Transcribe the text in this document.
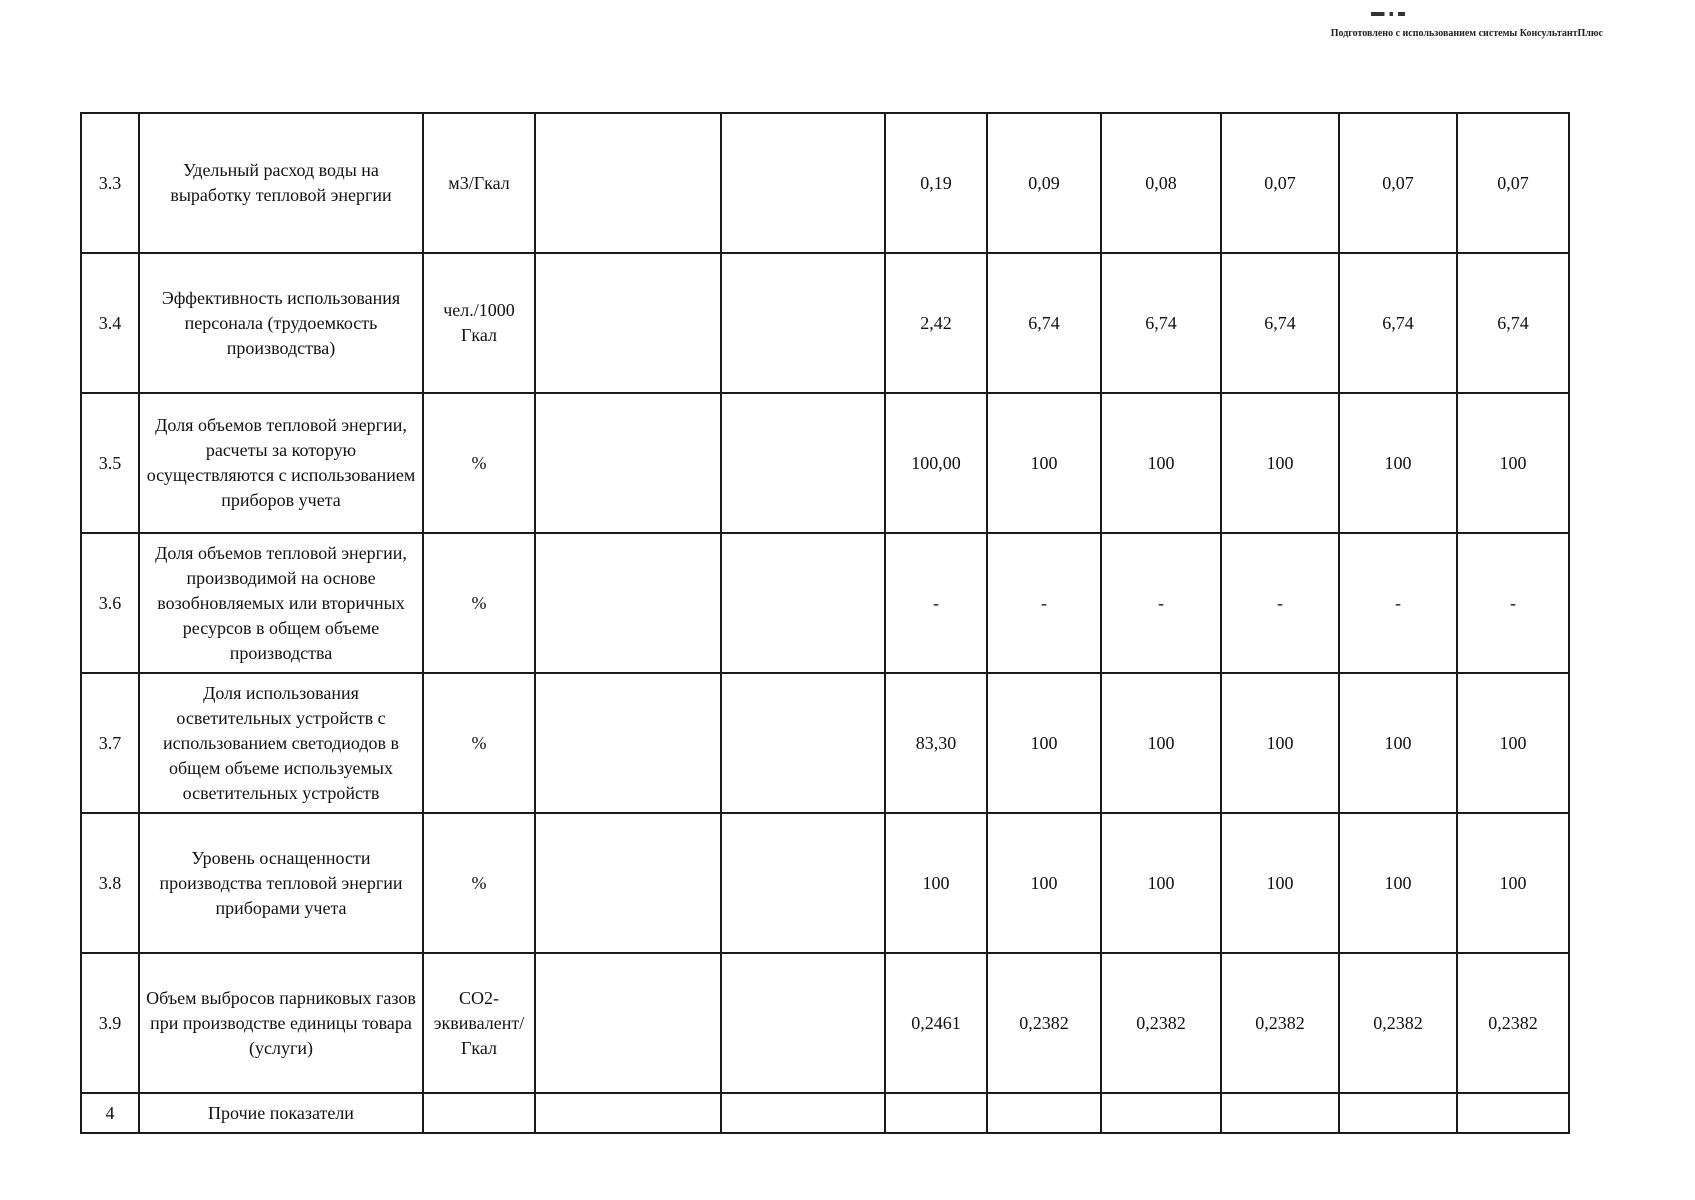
Подготовлено с использованием системы КонсультантПлюс
3.3	Удельный расход воды на выработку тепловой энергии	м3/Гкал			0,19	0,09	0,08	0,07	0,07	0,07
3.4	Эффективность использования персонала (трудоемкость производства)	чел./1000 Гкал			2,42	6,74	6,74	6,74	6,74	6,74
3.5	Доля объемов тепловой энергии, расчеты за которую осуществляются с использованием приборов учета	%			100,00	100	100	100	100	100
3.6	Доля объемов тепловой энергии, производимой на основе возобновляемых или вторичных ресурсов в общем объеме производства	%			-	-	-	-	-	-
3.7	Доля использования осветительных устройств с использованием светодиодов в общем объеме используемых осветительных устройств	%			83,30	100	100	100	100	100
3.8	Уровень оснащенности производства тепловой энергии приборами учета	%			100	100	100	100	100	100
3.9	Объем выбросов парниковых газов при производстве единицы товара (услуги)	CO2-эквивалент/ Гкал			0,2461	0,2382	0,2382	0,2382	0,2382	0,2382
4	Прочие показатели									
